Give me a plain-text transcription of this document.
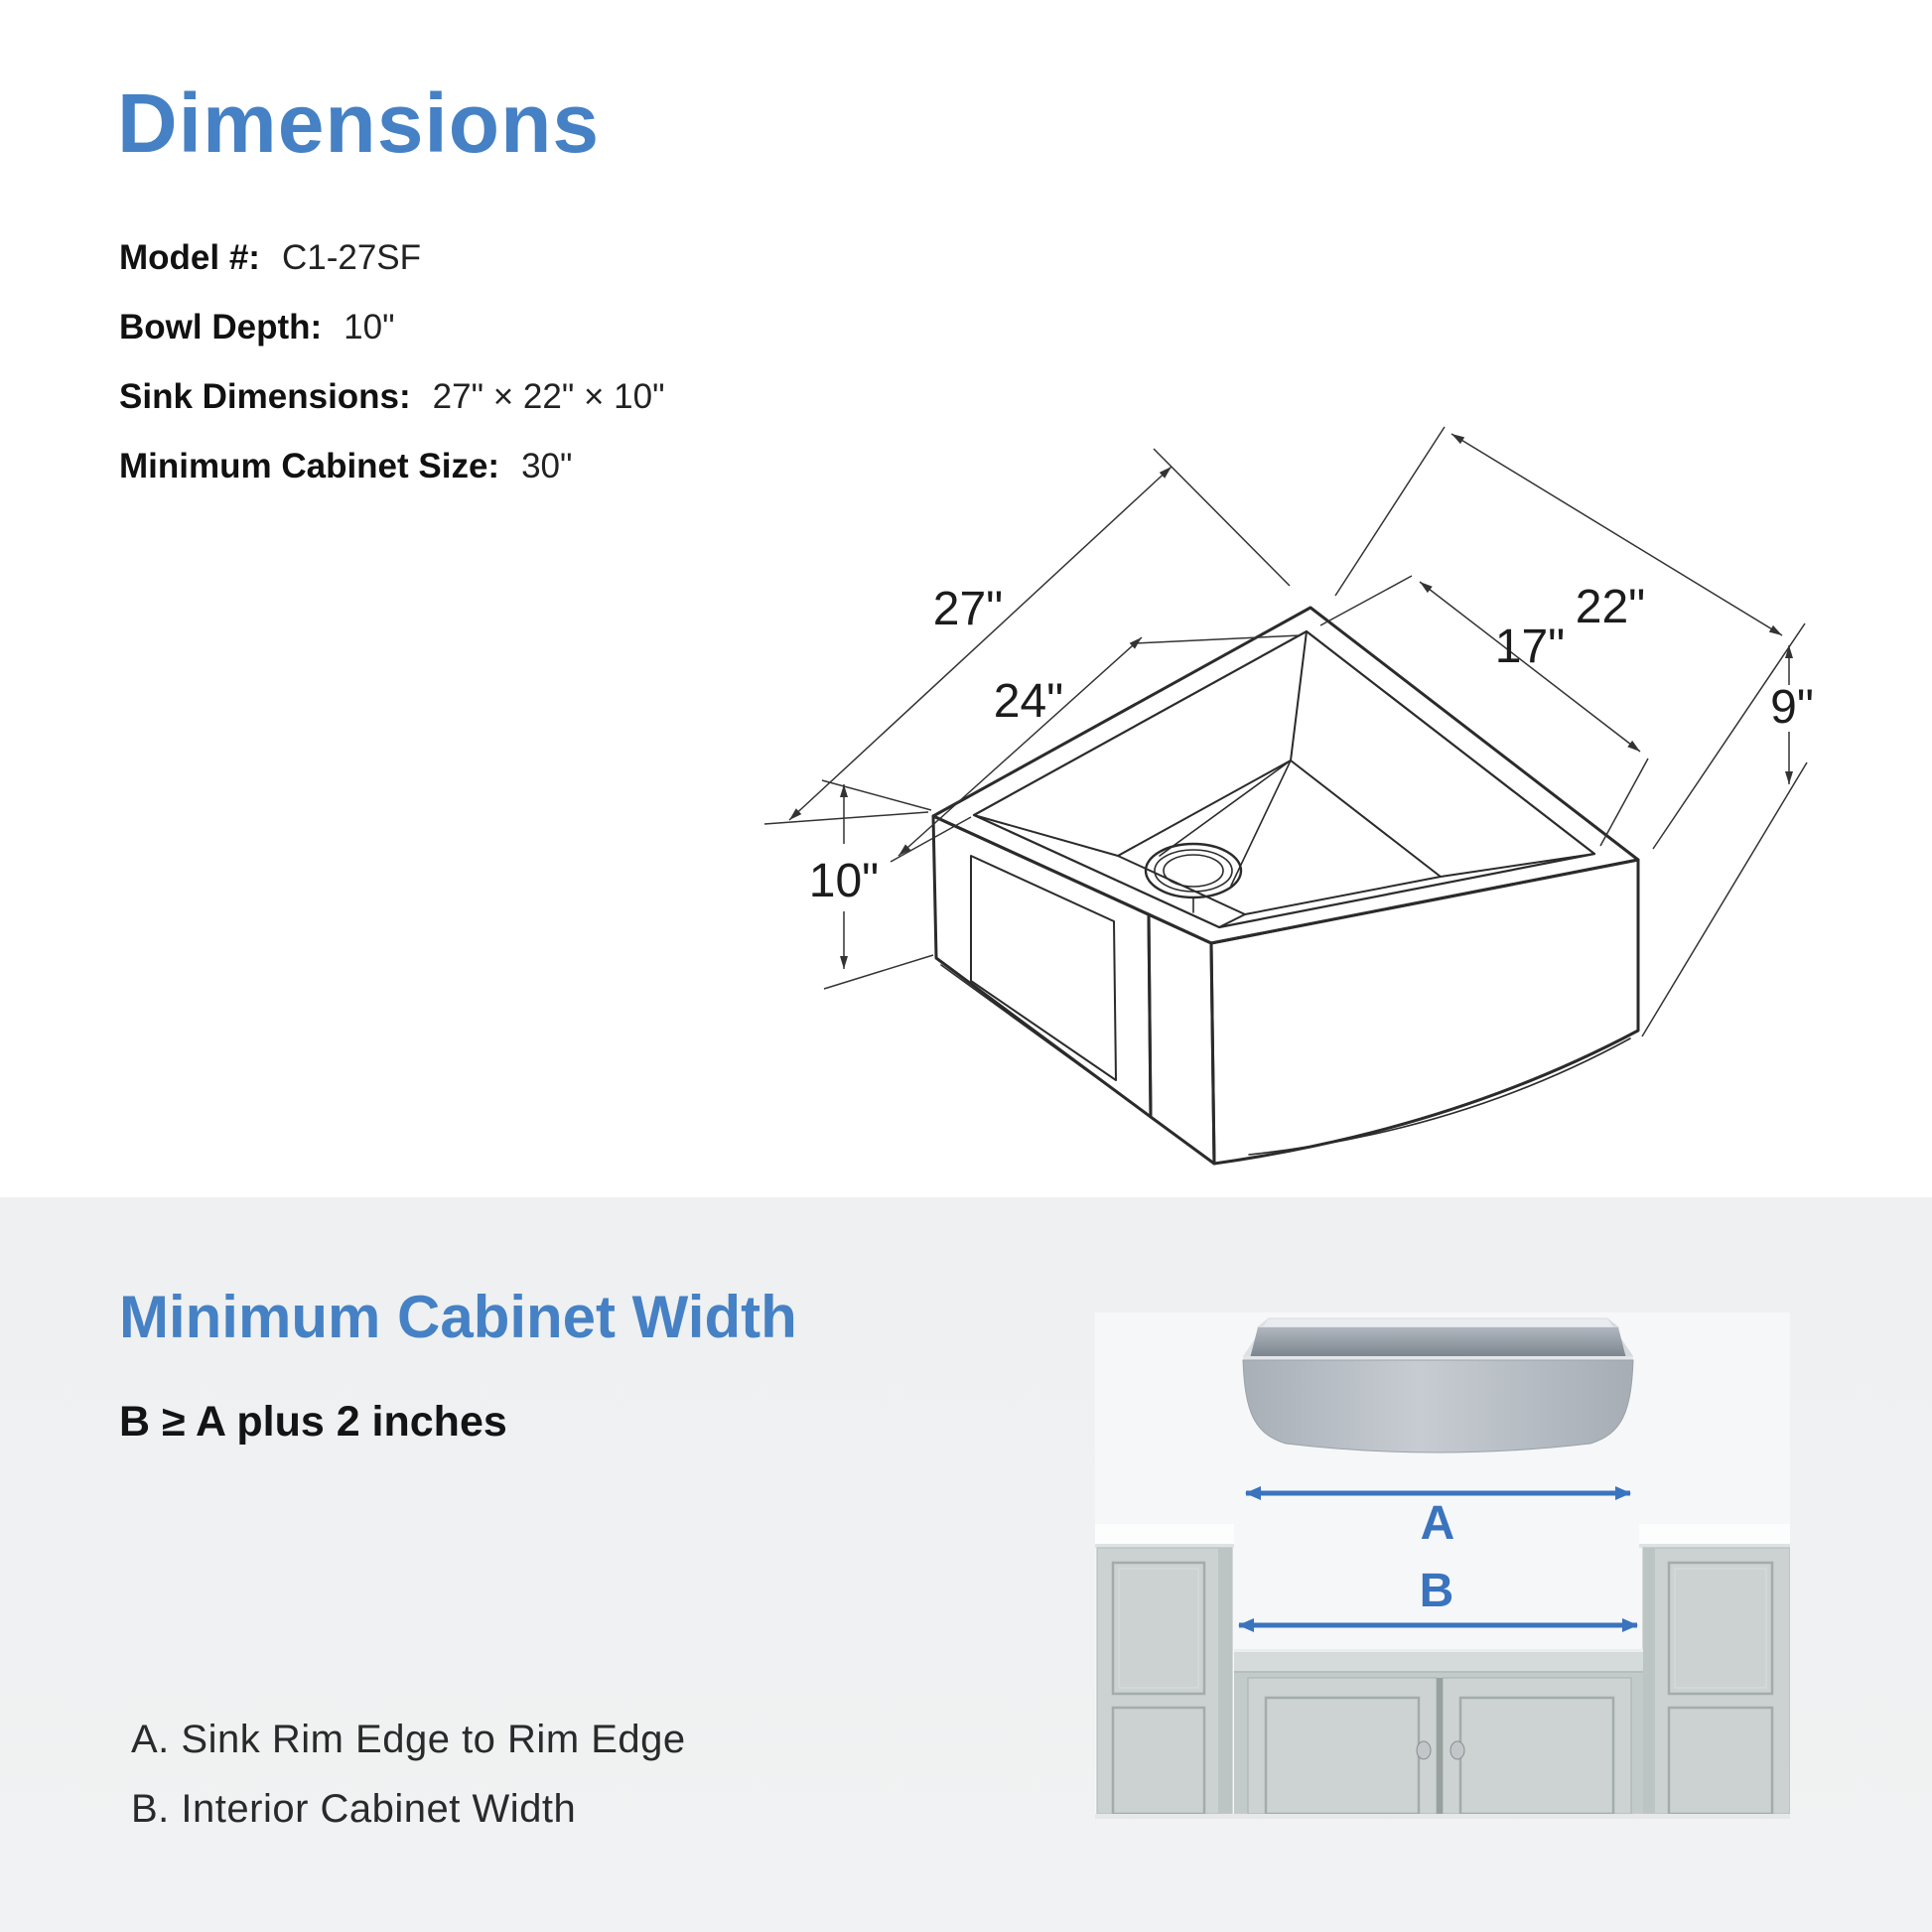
Dimensions
Model #: C1-27SF
Bowl Depth: 10"
Sink Dimensions: 27" × 22" × 10"
Minimum Cabinet Size: 30"
27"
24"
17"
22"
9"
10"
Minimum Cabinet Width
B ≥ A plus 2 inches
A. Sink Rim Edge to Rim Edge
B. Interior Cabinet Width
A
B
